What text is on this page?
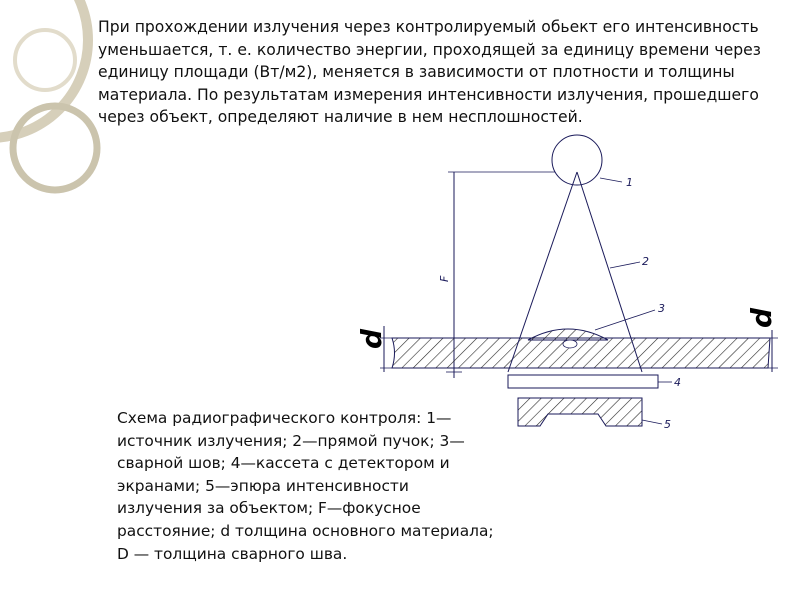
При прохождении излучения через контролируемый обьект его интенсивность уменьшается, т. е. количество энергии, проходящей за единицу времени через единицу площади (Вт/м2), меняется в зависимости от плотности и толщины материала. По результатам измерения интенсивности излучения, прошедшего через объект, определяют наличие в нем несплошностей.

F
1
3
2
d
d
4
5

Схема радиографического контроля: 1— источник излучения; 2—прямой пучок; 3— сварной шов; 4—кассета с детектором и экранами; 5—эпюра интенсивности излучения за объектом; F—фокусное расстояние; d толщина основного материала; D — толщина сварного шва.
